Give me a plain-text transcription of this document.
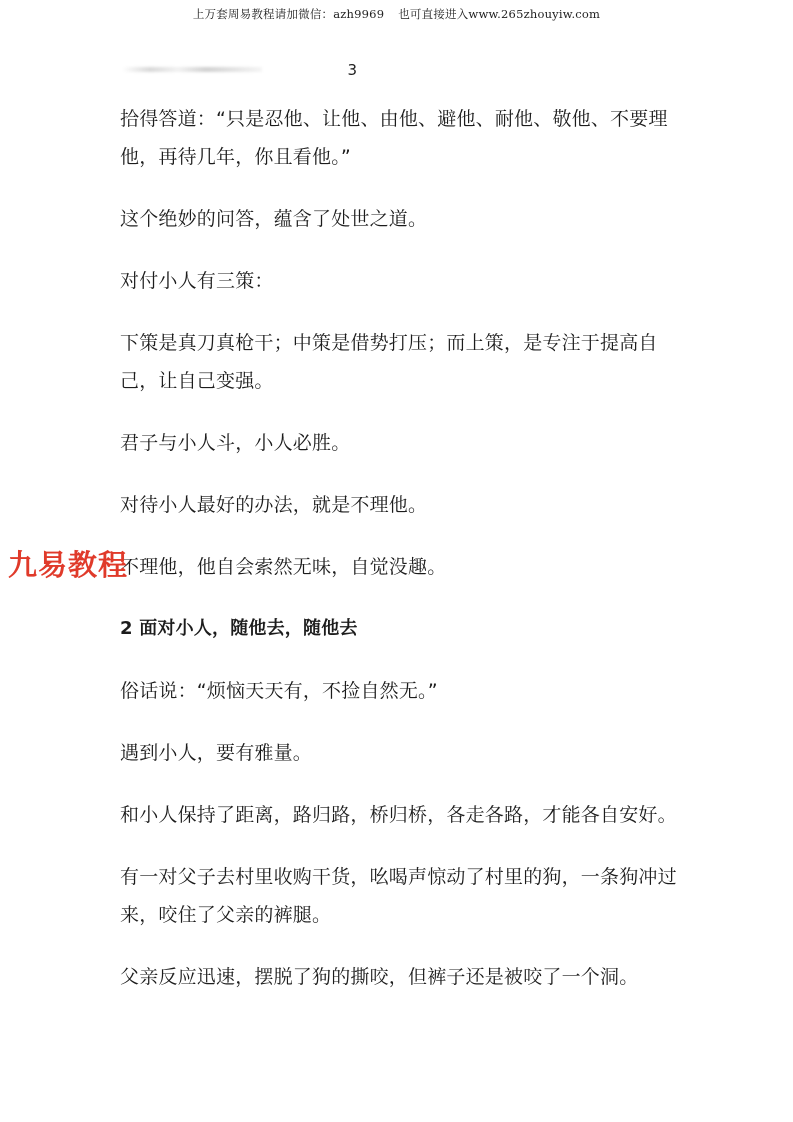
上万套周易教程请加微信：azh9969 也可直接进入www.265zhouyiw.com
3

拾得答道：“只是忍他、让他、由他、避他、耐他、敬他、不要理他，再待几年，你且看他。”

这个绝妙的问答，蕴含了处世之道。

对付小人有三策：

下策是真刀真枪干；中策是借势打压；而上策，是专注于提高自己，让自己变强。

君子与小人斗，小人必胜。

对待小人最好的办法，就是不理他。

不理他，他自会索然无味，自觉没趣。

2 面对小人，随他去，随他去

俗话说：“烦恼天天有，不捡自然无。”

遇到小人，要有雅量。

和小人保持了距离，路归路，桥归桥，各走各路，才能各自安好。

有一对父子去村里收购干货，吆喝声惊动了村里的狗，一条狗冲过来，咬住了父亲的裤腿。

父亲反应迅速，摆脱了狗的撕咬，但裤子还是被咬了一个洞。

九易教程
